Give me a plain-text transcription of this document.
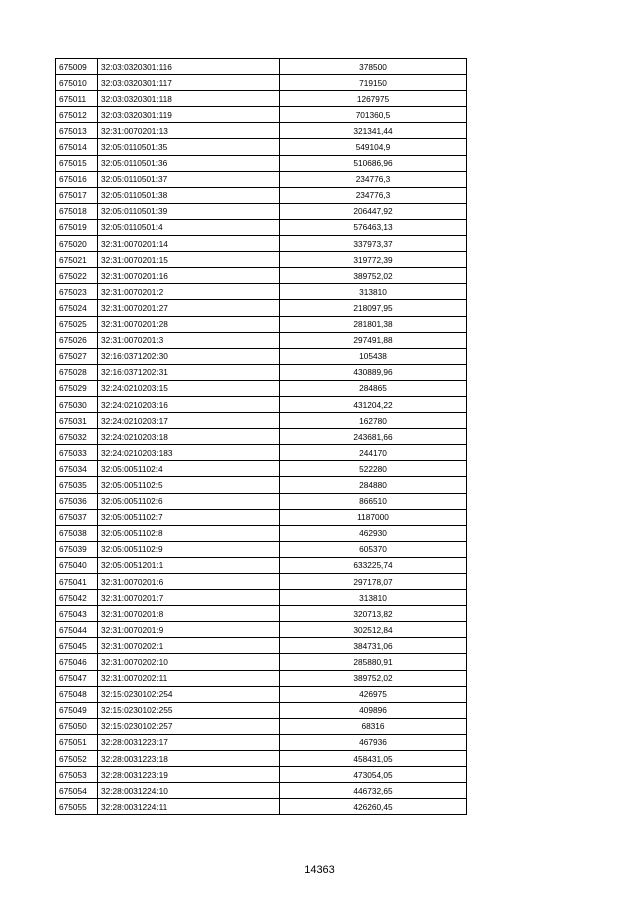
675009	32:03:0320301:116	378500
675010	32:03:0320301:117	719150
675011	32:03:0320301:118	1267975
675012	32:03:0320301:119	701360,5
675013	32:31:0070201:13	321341,44
675014	32:05:0110501:35	549104,9
675015	32:05:0110501:36	510686,96
675016	32:05:0110501:37	234776,3
675017	32:05:0110501:38	234776,3
675018	32:05:0110501:39	206447,92
675019	32:05:0110501:4	576463,13
675020	32:31:0070201:14	337973,37
675021	32:31:0070201:15	319772,39
675022	32:31:0070201:16	389752,02
675023	32:31:0070201:2	313810
675024	32:31:0070201:27	218097,95
675025	32:31:0070201:28	281801,38
675026	32:31:0070201:3	297491,88
675027	32:16:0371202:30	105438
675028	32:16:0371202:31	430889,96
675029	32:24:0210203:15	284865
675030	32:24:0210203:16	431204,22
675031	32:24:0210203:17	162780
675032	32:24:0210203:18	243681,66
675033	32:24:0210203:183	244170
675034	32:05:0051102:4	522280
675035	32:05:0051102:5	284880
675036	32:05:0051102:6	866510
675037	32:05:0051102:7	1187000
675038	32:05:0051102:8	462930
675039	32:05:0051102:9	605370
675040	32:05:0051201:1	633225,74
675041	32:31:0070201:6	297178,07
675042	32:31:0070201:7	313810
675043	32:31:0070201:8	320713,82
675044	32:31:0070201:9	302512,84
675045	32:31:0070202:1	384731,06
675046	32:31:0070202:10	285880,91
675047	32:31:0070202:11	389752,02
675048	32:15:0230102:254	426975
675049	32:15:0230102:255	409896
675050	32:15:0230102:257	68316
675051	32:28:0031223:17	467936
675052	32:28:0031223:18	458431,05
675053	32:28:0031223:19	473054,05
675054	32:28:0031224:10	446732,65
675055	32:28:0031224:11	426260,45
14363
